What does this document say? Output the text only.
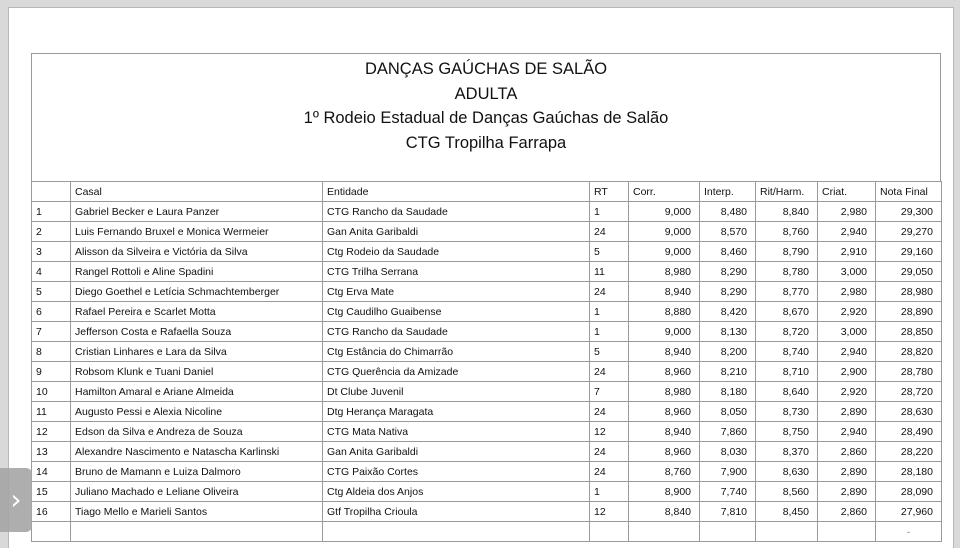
DANÇAS GAÚCHAS DE SALÃO
ADULTA
1º Rodeio Estadual de Danças Gaúchas de Salão
CTG Tropilha Farrapa
	Casal	Entidade	RT	Corr.	Interp.	Rit/Harm.	Criat.	Nota Final
1	Gabriel Becker e Laura Panzer	CTG Rancho da Saudade	1	9,000	8,480	8,840	2,980	29,300
2	Luis Fernando Bruxel e Monica Wermeier	Gan Anita Garibaldi	24	9,000	8,570	8,760	2,940	29,270
3	Alisson da Silveira e Victória da Silva	Ctg Rodeio da Saudade	5	9,000	8,460	8,790	2,910	29,160
4	Rangel Rottoli e Aline Spadini	CTG Trilha Serrana	11	8,980	8,290	8,780	3,000	29,050
5	Diego Goethel e Letícia Schmachtemberger	Ctg Erva Mate	24	8,940	8,290	8,770	2,980	28,980
6	Rafael Pereira e Scarlet Motta	Ctg Caudilho Guaibense	1	8,880	8,420	8,670	2,920	28,890
7	Jefferson Costa e Rafaella Souza	CTG Rancho da Saudade	1	9,000	8,130	8,720	3,000	28,850
8	Cristian Linhares e Lara da Silva	Ctg Estância do Chimarrão	5	8,940	8,200	8,740	2,940	28,820
9	Robsom Klunk e Tuani Daniel	CTG Querência da Amizade	24	8,960	8,210	8,710	2,900	28,780
10	Hamilton Amaral e Ariane Almeida	Dt Clube Juvenil	7	8,980	8,180	8,640	2,920	28,720
11	Augusto Pessi e Alexia Nicoline	Dtg Herança Maragata	24	8,960	8,050	8,730	2,890	28,630
12	Edson da Silva e Andreza de Souza	CTG Mata Nativa	12	8,940	7,860	8,750	2,940	28,490
13	Alexandre Nascimento e Natascha Karlinski	Gan Anita Garibaldi	24	8,960	8,030	8,370	2,860	28,220
14	Bruno de Mamann e Luiza Dalmoro	CTG Paixão Cortes	24	8,760	7,900	8,630	2,890	28,180
15	Juliano Machado e Leliane Oliveira	Ctg Aldeia dos Anjos	1	8,900	7,740	8,560	2,890	28,090
16	Tiago Mello e Marieli Santos	Gtf Tropilha Crioula	12	8,840	7,810	8,450	2,860	27,960
								-
›
